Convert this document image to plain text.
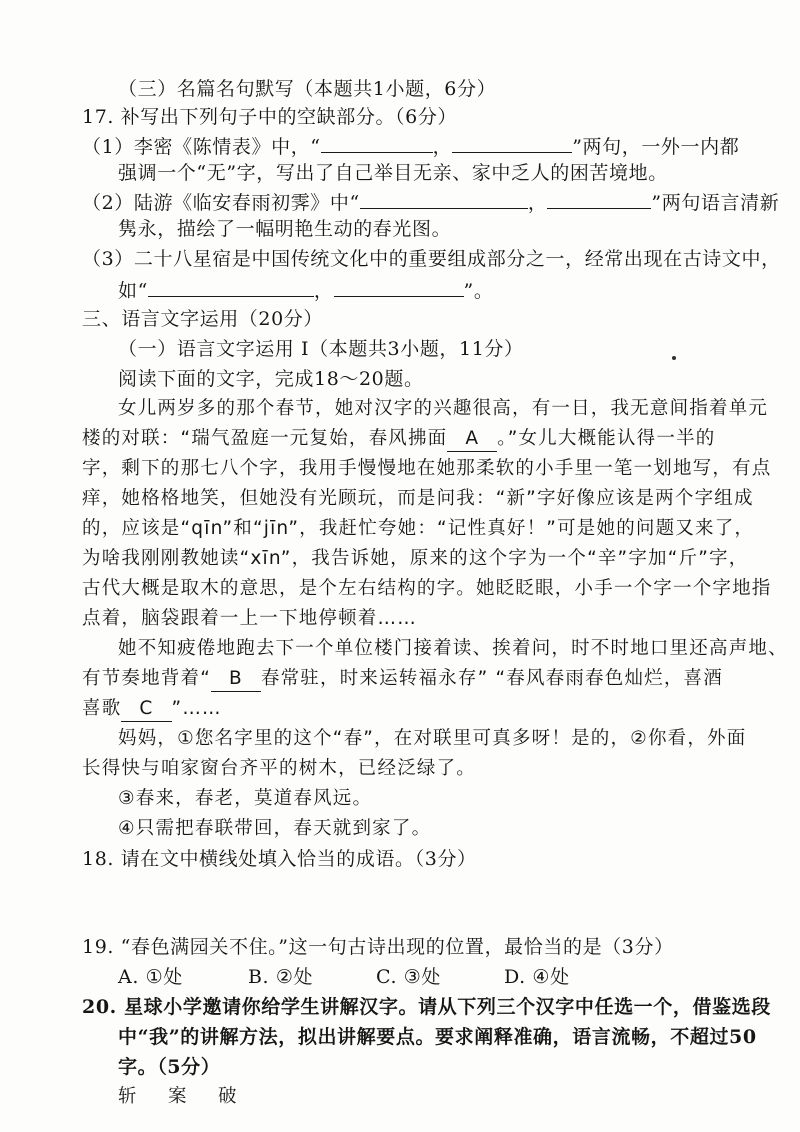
（三）名篇名句默写（本题共1小题，6分）
17. 补写出下列句子中的空缺部分。（6分）
（1）李密《陈情表》中，“	，	”两句，一外一内都
强调一个“无”字，写出了自己举目无亲、家中乏人的困苦境地。
（2）陆游《临安春雨初霁》中“	，	”两句语言清新
隽永，描绘了一幅明艳生动的春光图。
（3）二十八星宿是中国传统文化中的重要组成部分之一，经常出现在古诗文中，
如“	，	”。
三、语言文字运用（20分）
（一）语言文字运用 I（本题共3小题，11分）
阅读下面的文字，完成18～20题。
女儿两岁多的那个春节，她对汉字的兴趣很高，有一日，我无意间指着单元
楼的对联：“瑞气盈庭一元复始，春风拂面 A 。”女儿大概能认得一半的
字，剩下的那七八个字，我用手慢慢地在她那柔软的小手里一笔一划地写，有点
痒，她格格地笑，但她没有光顾玩，而是问我：“新”字好像应该是两个字组成
的，应该是“qīn”和“jīn”，我赶忙夸她：“记性真好！”可是她的问题又来了，
为啥我刚刚教她读“xīn”，我告诉她，原来的这个字为一个“辛”字加“斤”字，
古代大概是取木的意思，是个左右结构的字。她眨眨眼，小手一个字一个字地指
点着，脑袋跟着一上一下地停顿着……
她不知疲倦地跑去下一个单位楼门接着读、挨着问，时不时地口里还高声地、
有节奏地背着“ B 春常驻，时来运转福永存” “春风春雨春色灿烂，喜酒
喜歌 C ”……
妈妈，①您名字里的这个“春”，在对联里可真多呀！是的，②你看，外面
长得快与咱家窗台齐平的树木，已经泛绿了。
③春来，春老，莫道春风远。
④只需把春联带回，春天就到家了。
18. 请在文中横线处填入恰当的成语。（3分）
19. “春色满园关不住。”这一句古诗出现的位置，最恰当的是（3分）
A. ①处	B. ②处	C. ③处	D. ④处
20. 星球小学邀请你给学生讲解汉字。请从下列三个汉字中任选一个，借鉴选段
中“我”的讲解方法，拟出讲解要点。要求阐释准确，语言流畅，不超过50
字。（5分）
斩 案 破
